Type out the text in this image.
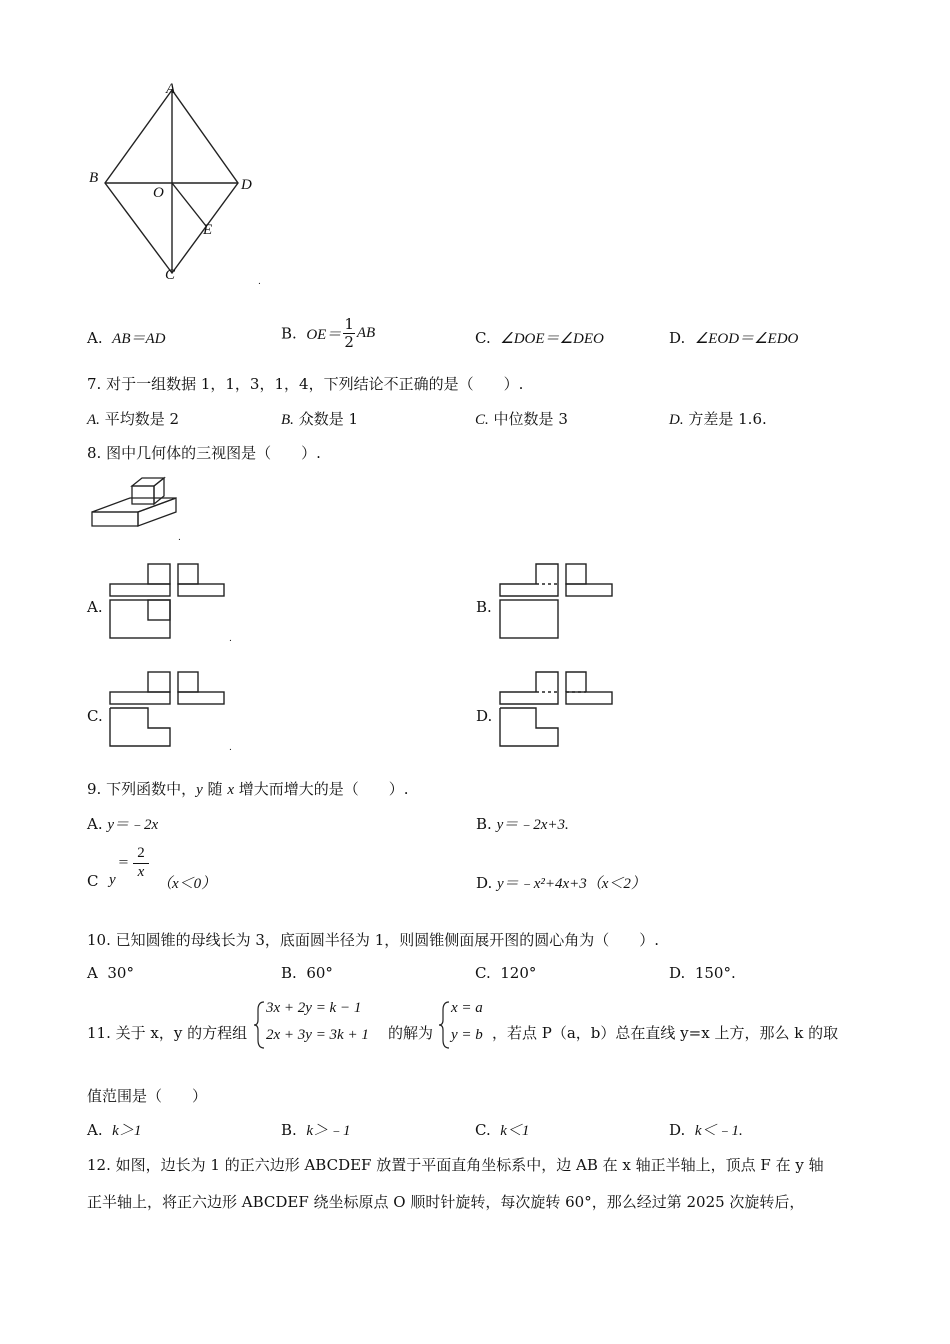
A
B
O	D
E
C	.
A. AB＝AD	B. $OE= \frac{1}{2}$ AB	C. ∠DOE＝∠DEO	D. ∠EOD＝∠EDO
7. 对于一组数据 1，1，3，1，4，下列结论不正确的是（　　）.
A. 平均数是 2	B. 众数是 1	C. 中位数是 3	D. 方差是 1.6.
8. 图中几何体的三视图是（　　）.
.
A.
.
B.
C.
.
D.
9. 下列函数中，y 随 x 增大而增大的是（　　）.
A. y＝﹣2x	B. y＝﹣2x+3.
C y
=
2
x
（x＜0）	D. y＝﹣x²+4x+3（x＜2）
10. 已知圆锥的母线长为 3，底面圆半径为 1，则圆锥侧面展开图的圆心角为（　　）.
A 30°	B. 60°	C. 120°	D. 150°.
11. 关于 x，y 的方程组
3x + 2y = k − 1
2x + 3y = 3k + 1 的解为
x = a
y = b ，若点 P（a，b）总在直线 y=x 上方，那么 k 的取
值范围是（　　）
A. k＞1	B. k＞﹣1	C. k＜1	D. k＜﹣1.
12. 如图，边长为 1 的正六边形 ABCDEF 放置于平面直角坐标系中，边 AB 在 x 轴正半轴上，顶点 F 在 y 轴
正半轴上，将正六边形 ABCDEF 绕坐标原点 O 顺时针旋转，每次旋转 60°，那么经过第 2025 次旋转后，
